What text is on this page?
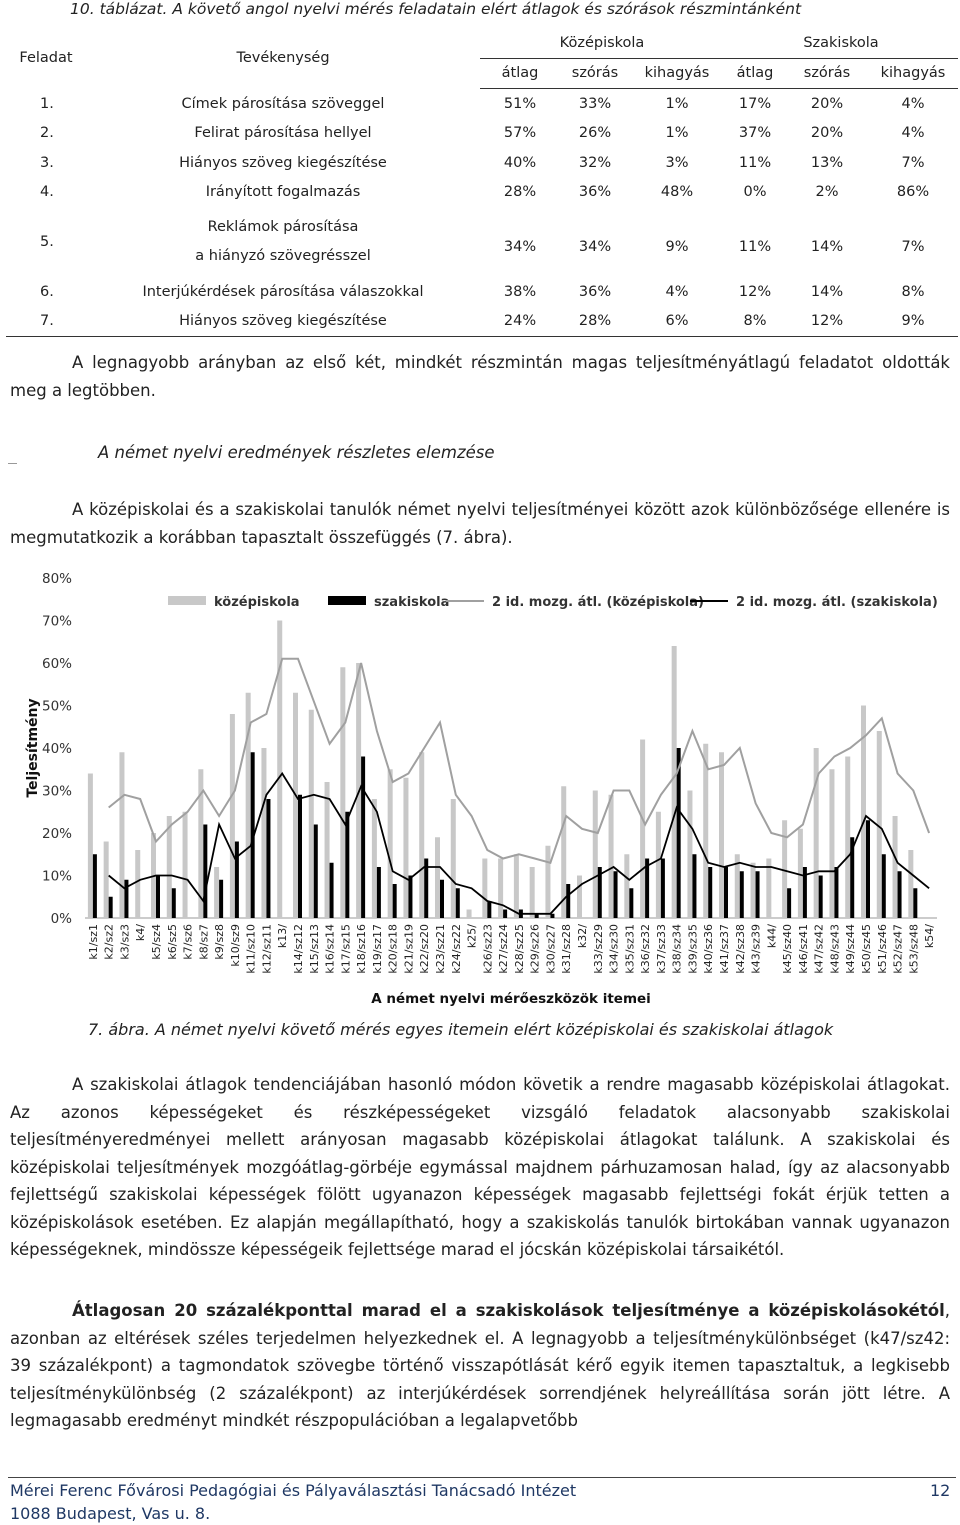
10. táblázat. A követő angol nyelvi mérés feladatain elért átlagok és szórások részmintánként
Feladat	Tevékenység	Középiskola			Szakiskola		
		átlag	szórás	kihagyás	átlag	szórás	kihagyás
1.	Címek párosítása szöveggel	51%	33%	1%	17%	20%	4%
2.	Felirat párosítása hellyel	57%	26%	1%	37%	20%	4%
3.	Hiányos szöveg kiegészítése	40%	32%	3%	11%	13%	7%
4.	Irányított fogalmazás	28%	36%	48%	0%	2%	86%
5.	Reklámok párosítása
a hiányzó szövegrésszel	34%	34%	9%	11%	14%	7%
6.	Interjúkérdések párosítása válaszokkal	38%	36%	4%	12%	14%	8%
7.	Hiányos szöveg kiegészítése	24%	28%	6%	8%	12%	9%
A legnagyobb arányban az első két, mindkét részmintán magas teljesítményátlagú feladatot oldották meg a legtöbben.
A német nyelvi eredmények részletes elemzése
A középiskolai és a szakiskolai tanulók német nyelvi teljesítményei között azok különbözősége ellenére is megmutatkozik a korábban tapasztalt összefüggés (7. ábra).
0%
10%
20%
30%
40%
50%
60%
70%
80%
Teljesítmény
A német nyelvi mérőeszközök itemei
k1/sz1 k2/sz2 k3/sz3 k4/ k5/sz4 k6/sz5 k7/sz6 k8/sz7 k9/sz8 k10/sz9 k11/sz10 k12/sz11 k13/ k14/sz12 k15/sz13 k16/sz14 k17/sz15 k18/sz16 k19/sz17 k20/sz18 k21/sz19 k22/sz20 k23/sz21 k24/sz22 k25/ k26/sz23 k27/sz24 k28/sz25 k29/sz26 k30/sz27 k31/sz28 k32/ k33/sz29 k34/sz30 k35/sz31 k36/sz32 k37/sz33 k38/sz34 k39/sz35 k40/sz36 k41/sz37 k42/sz38 k43/sz39 k44/ k45/sz40 k46/sz41 k47/sz42 k48/sz43 k49/sz44 k50/sz45 k51/sz46 k52/sz47 k53/sz48 k54/
középiskola	szakiskola	2 id. mozg. átl. (középiskola) 2 id. mozg. átl. (szakiskola)
7. ábra. A német nyelvi követő mérés egyes itemein elért középiskolai és szakiskolai átlagok
A szakiskolai átlagok tendenciájában hasonló módon követik a rendre magasabb középiskolai átlagokat. Az azonos képességeket és részképességeket vizsgáló feladatok alacsonyabb szakiskolai teljesítményeredményei mellett arányosan magasabb középiskolai átlagokat találunk. A szakiskolai és középiskolai teljesítmények mozgóátlag-görbéje egymással majdnem párhuzamosan halad, így az alacsonyabb fejlettségű szakiskolai képességek fölött ugyanazon képességek magasabb fejlettségi fokát érjük tetten a középiskolások esetében. Ez alapján megállapítható, hogy a szakiskolás tanulók birtokában vannak ugyanazon képességeknek, mindössze képességeik fejlettsége marad el jócskán középiskolai társaikétól.
Átlagosan 20 százalékponttal marad el a szakiskolások teljesítménye a középiskolásokétól, azonban az eltérések széles terjedelmen helyezkednek el. A legnagyobb a teljesítménykülönbséget (k47/sz42: 39 százalékpont) a tagmondatok szövegbe történő visszapótlását kérő egyik itemen tapasztaltuk, a legkisebb teljesítménykülönbség (2 százalékpont) az interjúkérdések sorrendjének helyreállítása során jött létre. A legmagasabb eredményt mindkét részpopulációban a legalapvetőbb
Mérei Ferenc Fővárosi Pedagógiai és Pályaválasztási Tanácsadó Intézet
1088 Budapest, Vas u. 8.
12
